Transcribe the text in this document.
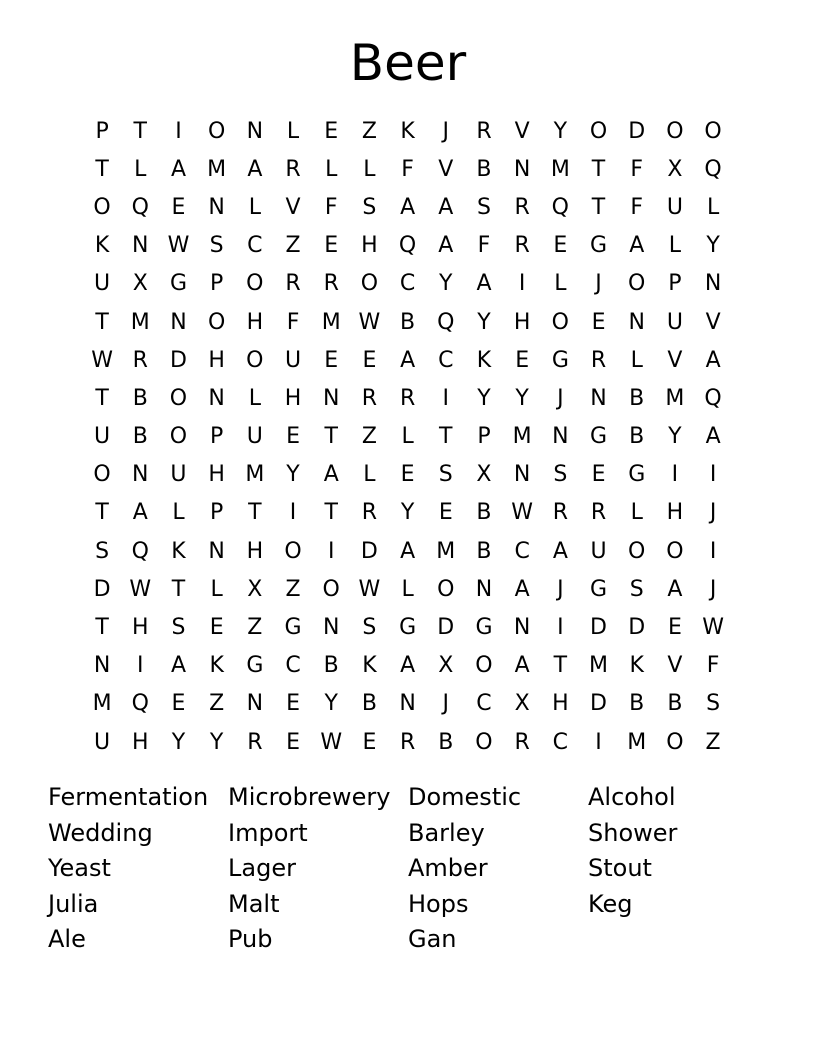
Beer
P	T	I	O N	L	E	Z	K	J	R	V	Y	O D O O
T	L	A M A	R	L	L	F	V	B	N M T	F	X Q
O Q	E	N	L	V	F	S	A	A	S	R Q	T	F	U	L
K	N W S	C	Z	E	H Q	A	F	R	E	G	A	L	Y
U	X	G	P	O R	R O C	Y	A	I	L	J	O	P	N
T M N O H	F	M W B Q	Y	H O	E	N U	V
W R	D H O U	E	E	A	C	K	E	G	R	L	V	A
T	B O N	L	H N	R	R	I	Y	Y	J	N	B M Q
U	B O	P	U	E	T	Z	L	T	P	M N G	B	Y	A
O N U H M Y	A	L	E	S	X	N	S	E	G	I	I
T	A	L	P	T	I	T	R	Y	E	B W R	R	L	H	J
S	Q	K	N H O	I	D	A M B	C	A	U O O	I
D W T	L	X	Z O W L	O N	A	J	G	S	A	J
T	H	S	E	Z	G N	S	G D G N	I	D D	E W
N	I	A	K	G C	B	K	A	X O	A	T M K	V	F
M Q	E	Z	N	E	Y	B	N	J	C	X	H D	B	B	S
U H	Y	Y	R	E W E	R	B O R	C	I	M O Z
Fermentation Microbrewery Domestic	Alcohol
Wedding	Import	Barley	Shower
Yeast	Lager	Amber	Stout
Julia	Malt	Hops	Keg
Ale	Pub	Gan
